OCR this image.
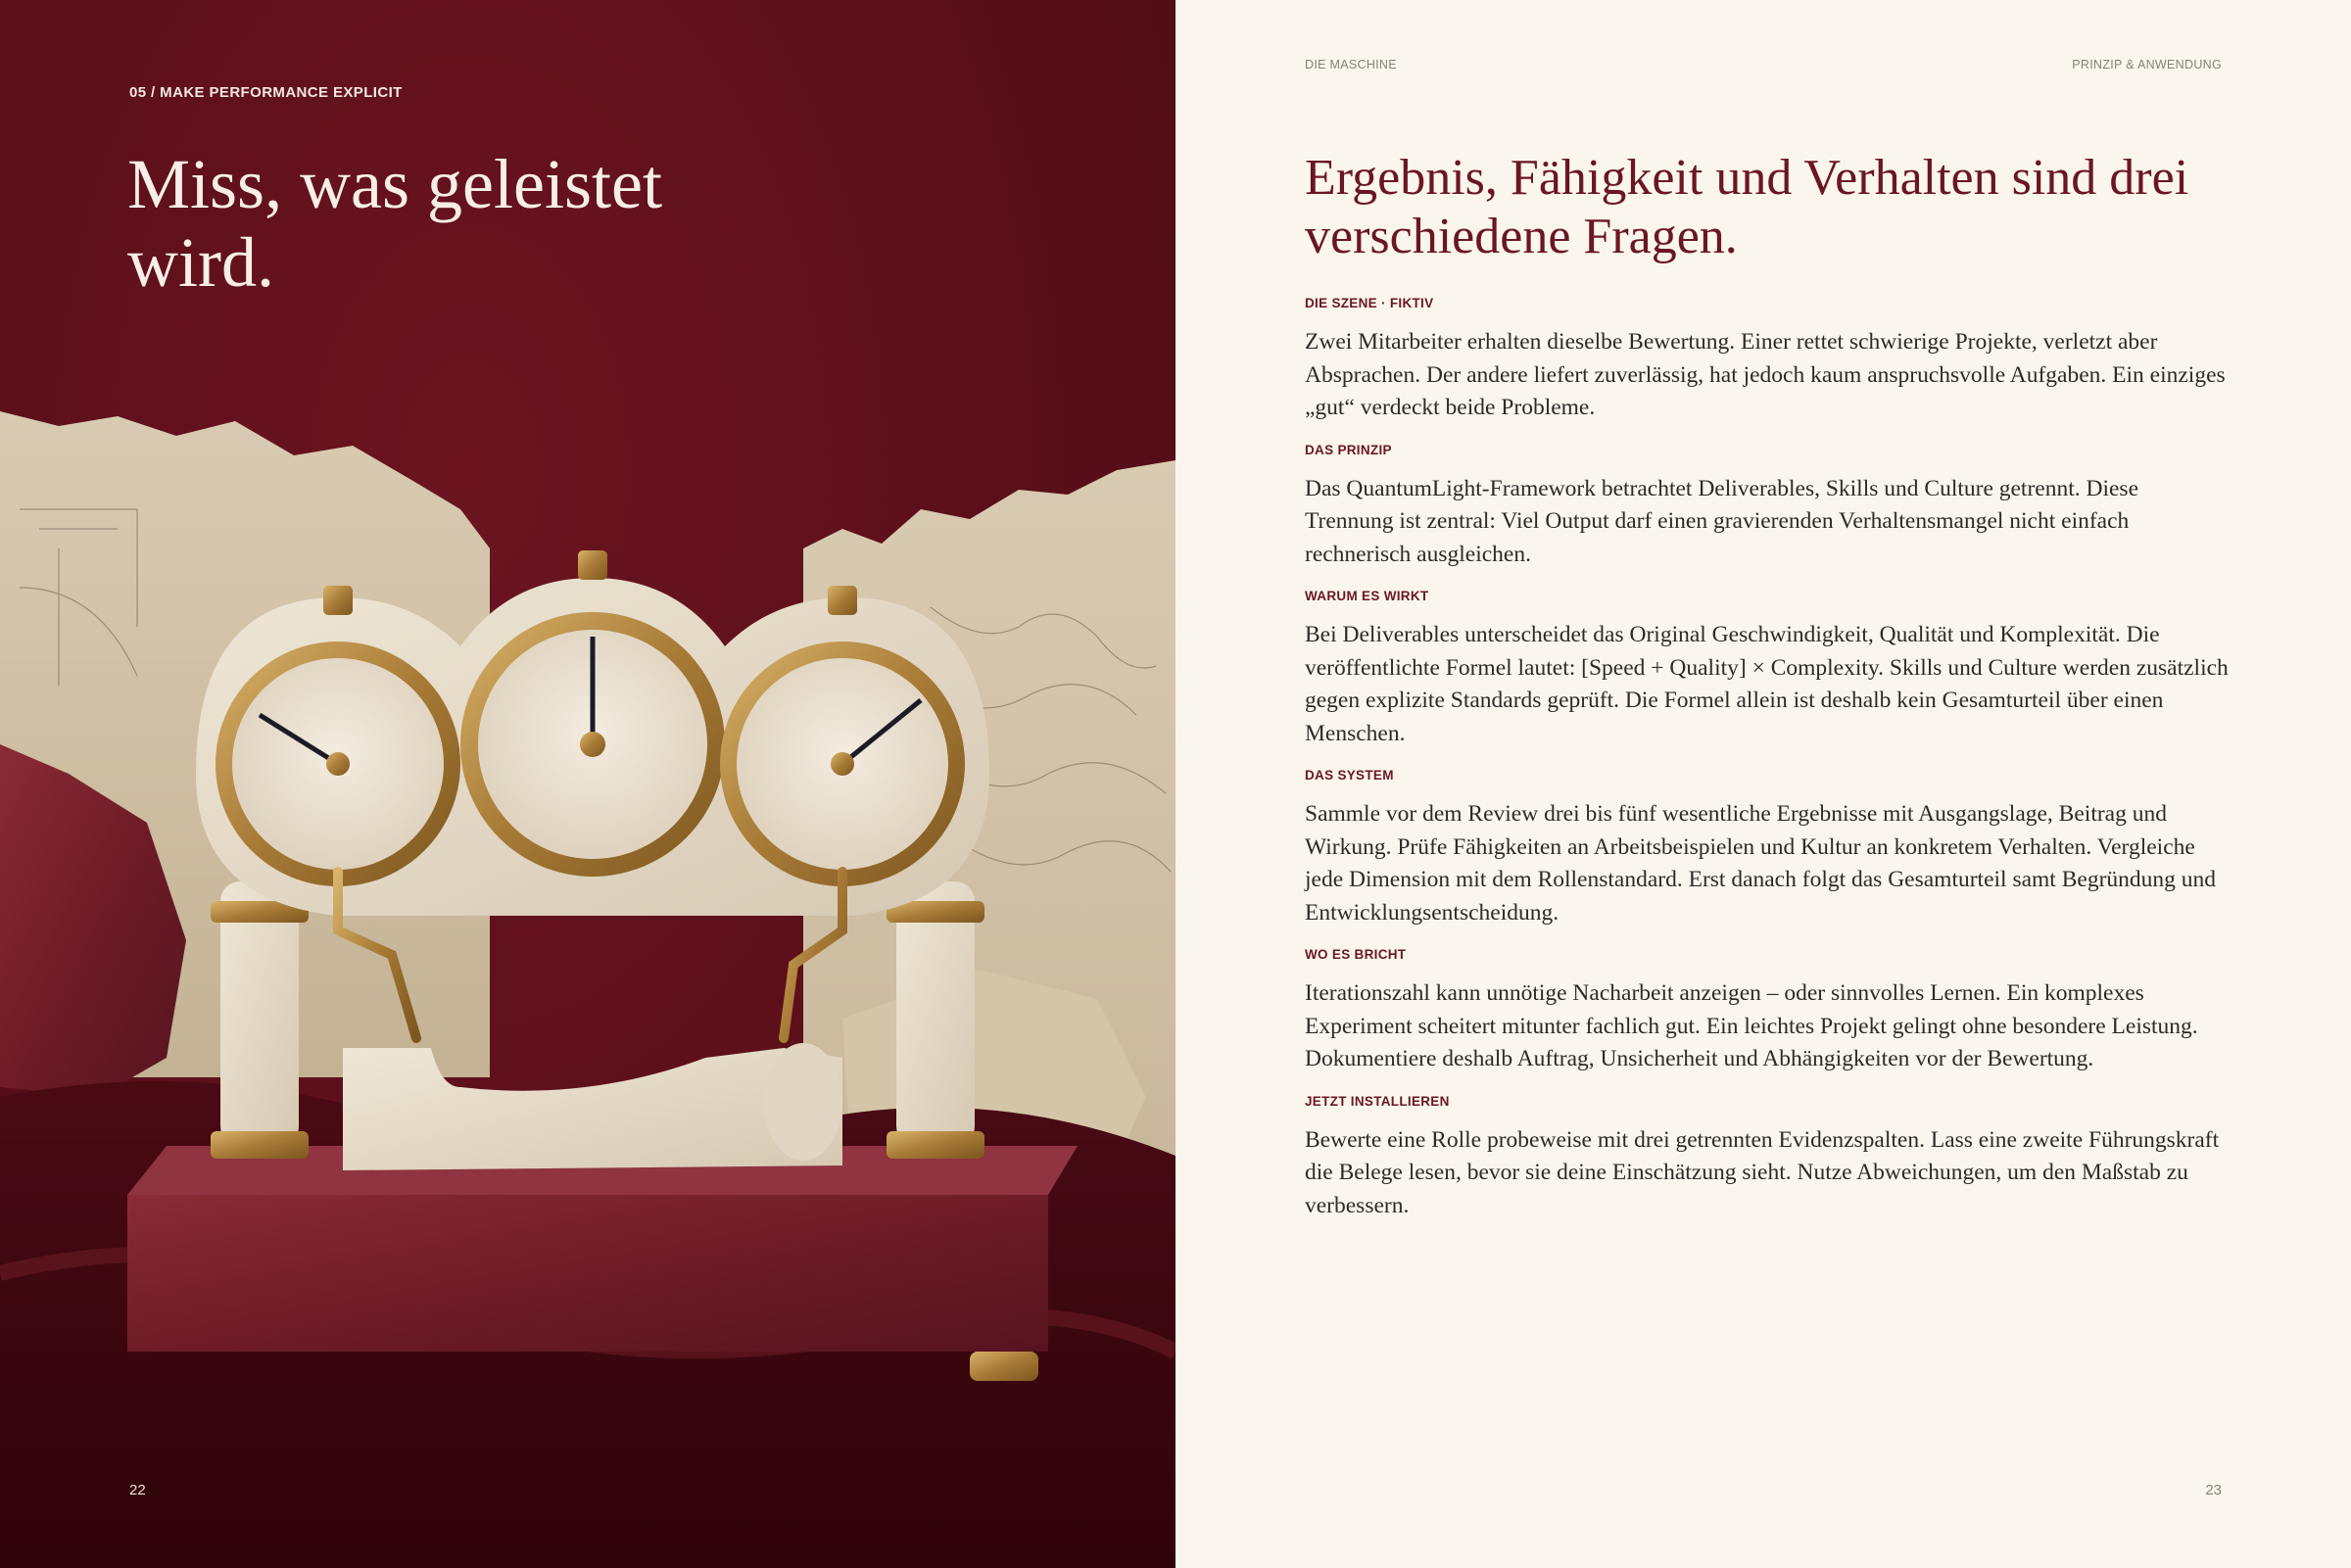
05 / MAKE PERFORMANCE EXPLICIT
Miss, was geleistet wird.
22
DIE MASCHINE	PRINZIP & ANWENDUNG
Ergebnis, Fähigkeit und Verhalten sind drei verschiedene Fragen.
DIE SZENE · FIKTIV

Zwei Mitarbeiter erhalten dieselbe Bewertung. Einer rettet schwierige Projekte, verletzt aber Absprachen. Der andere liefert zuverlässig, hat jedoch kaum anspruchsvolle Aufgaben. Ein einziges „gut“ verdeckt beide Probleme.

DAS PRINZIP

Das QuantumLight-Framework betrachtet Deliverables, Skills und Culture getrennt. Diese Trennung ist zentral: Viel Output darf einen gravierenden Verhaltensmangel nicht einfach rechnerisch ausgleichen.

WARUM ES WIRKT

Bei Deliverables unterscheidet das Original Geschwindigkeit, Qualität und Komplexität. Die veröffentlichte Formel lautet: [Speed + Quality] × Complexity. Skills und Culture werden zusätzlich gegen explizite Standards geprüft. Die Formel allein ist deshalb kein Gesamturteil über einen Menschen.

DAS SYSTEM

Sammle vor dem Review drei bis fünf wesentliche Ergebnisse mit Ausgangslage, Beitrag und Wirkung. Prüfe Fähigkeiten an Arbeitsbeispielen und Kultur an konkretem Verhalten. Vergleiche jede Dimension mit dem Rollenstandard. Erst danach folgt das Gesamturteil samt Begründung und Entwicklungsentscheidung.

WO ES BRICHT

Iterationszahl kann unnötige Nacharbeit anzeigen – oder sinnvolles Lernen. Ein komplexes Experiment scheitert mitunter fachlich gut. Ein leichtes Projekt gelingt ohne besondere Leistung. Dokumentiere deshalb Auftrag, Unsicherheit und Abhängigkeiten vor der Bewertung.

JETZT INSTALLIEREN

Bewerte eine Rolle probeweise mit drei getrennten Evidenzspalten. Lass eine zweite Führungskraft die Belege lesen, bevor sie deine Einschätzung sieht. Nutze Abweichungen, um den Maßstab zu verbessern.

23
